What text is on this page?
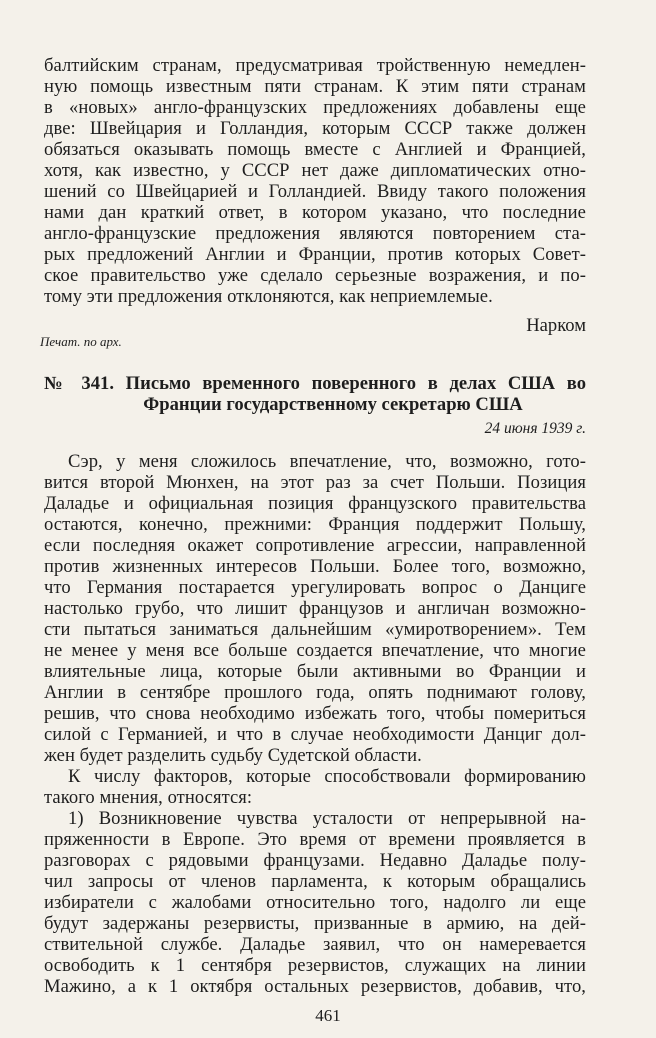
балтийским странам, предусматривая тройственную немедлен-
ную помощь известным пяти странам. К этим пяти странам
в «новых» англо-французских предложениях добавлены еще
две: Швейцария и Голландия, которым СССР также должен
обязаться оказывать помощь вместе с Англией и Францией,
хотя, как известно, у СССР нет даже дипломатических отно-
шений со Швейцарией и Голландией. Ввиду такого положения
нами дан краткий ответ, в котором указано, что последние
англо-французские предложения являются повторением ста-
рых предложений Англии и Франции, против которых Совет-
ское правительство уже сделало серьезные возражения, и по-
тому эти предложения отклоняются, как неприемлемые.
Нарком
Печат. по арх.
№ 341. Письмо временного поверенного в делах США во
Франции государственному секретарю США
24 июня 1939 г.
Сэр, у меня сложилось впечатление, что, возможно, гото-
вится второй Мюнхен, на этот раз за счет Польши. Позиция
Даладье и официальная позиция французского правительства
остаются, конечно, прежними: Франция поддержит Польшу,
если последняя окажет сопротивление агрессии, направленной
против жизненных интересов Польши. Более того, возможно,
что Германия постарается урегулировать вопрос о Данциге
настолько грубо, что лишит французов и англичан возможно-
сти пытаться заниматься дальнейшим «умиротворением». Тем
не менее у меня все больше создается впечатление, что многие
влиятельные лица, которые были активными во Франции и
Англии в сентябре прошлого года, опять поднимают голову,
решив, что снова необходимо избежать того, чтобы помериться
силой с Германией, и что в случае необходимости Данциг дол-
жен будет разделить судьбу Судетской области.
К числу факторов, которые способствовали формированию
такого мнения, относятся:
1) Возникновение чувства усталости от непрерывной на-
пряженности в Европе. Это время от времени проявляется в
разговорах с рядовыми французами. Недавно Даладье полу-
чил запросы от членов парламента, к которым обращались
избиратели с жалобами относительно того, надолго ли еще
будут задержаны резервисты, призванные в армию, на дей-
ствительной службе. Даладье заявил, что он намеревается
освободить к 1 сентября резервистов, служащих на линии
Мажино, а к 1 октября остальных резервистов, добавив, что,
461
